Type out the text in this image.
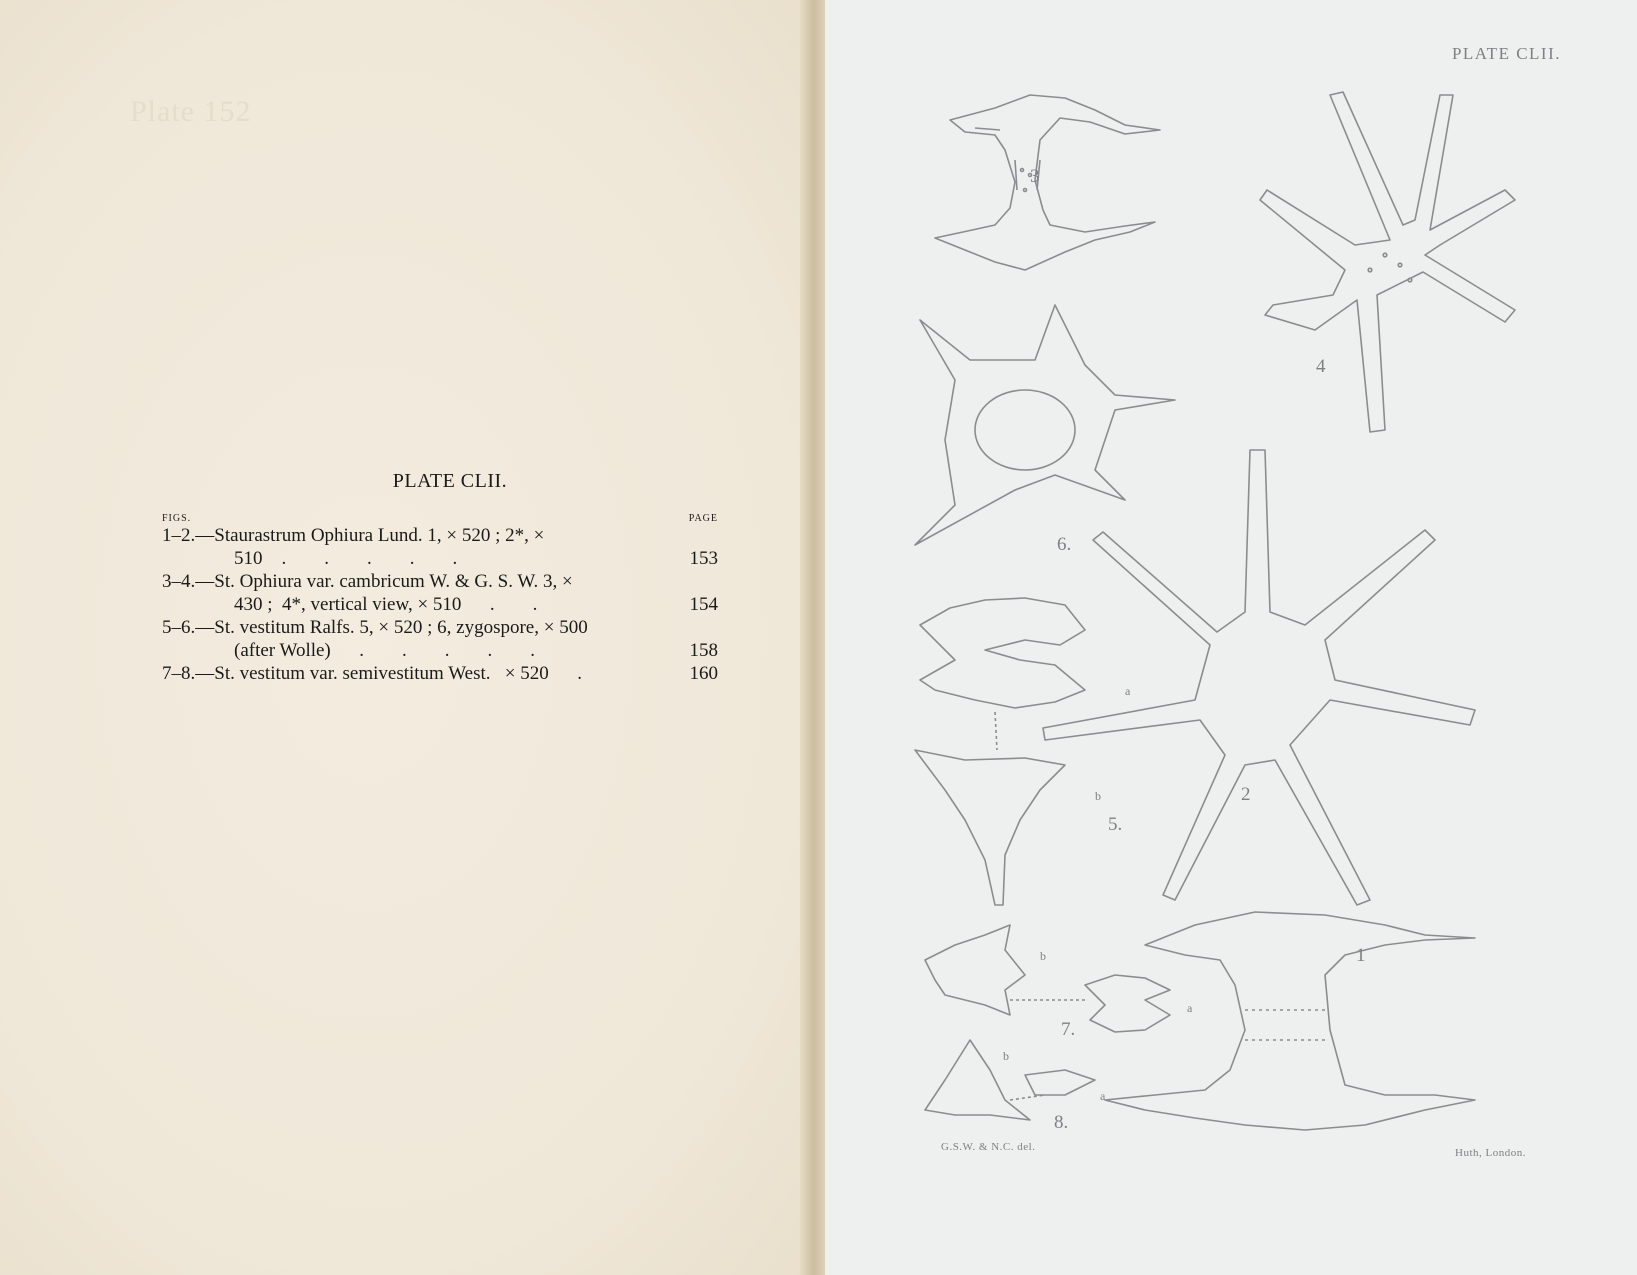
Plate 152
PLATE CLII.
FIGS.	PAGE
1–2.—Staurastrum Ophiura Lund. 1, × 520 ; 2*, ×
510    .        .        .        .        .	153
3–4.—St. Ophiura var. cambricum W. & G. S. W. 3, ×
430 ;  4*, vertical view, × 510      .        .	154
5–6.—St. vestitum Ralfs. 5, × 520 ; 6, zygospore, × 500
(after Wolle)      .        .        .        .        .	158
7–8.—St. vestitum var. semivestitum West.   × 520      .	160
1
2
3
4
5.
6.
7.
8.
a
b
a
b
a
b
PLATE CLII.
G.S.W. & N.C. del.	Huth, London.
